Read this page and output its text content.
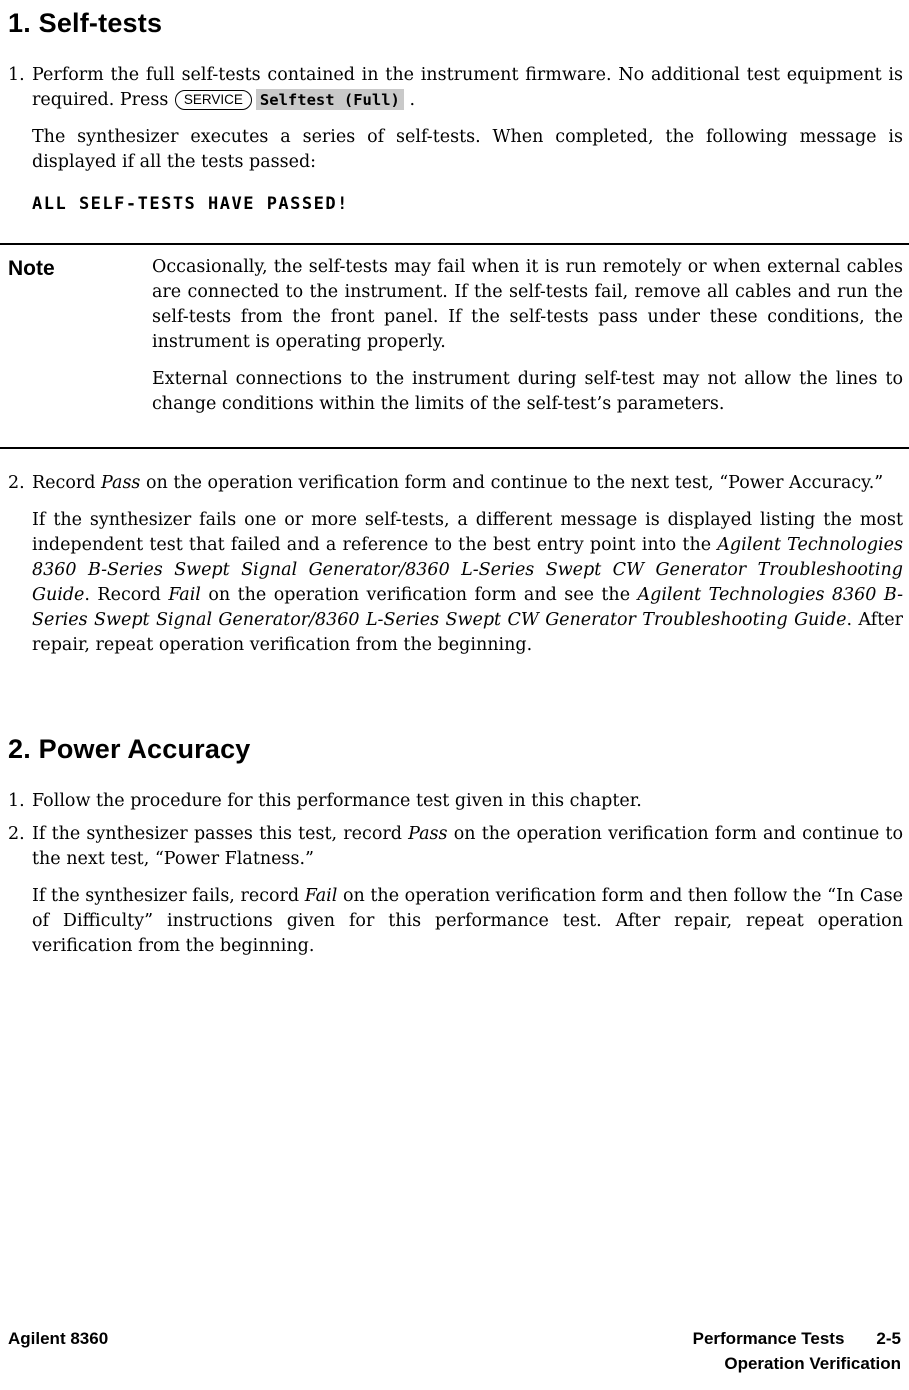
1. Self-tests
1. Perform the full self-tests contained in the instrument firmware. No additional test equipment is required. Press SERVICE Selftest (Full) .

The synthesizer executes a series of self-tests. When completed, the following message is displayed if all the tests passed:

ALL SELF-TESTS HAVE PASSED!

Note	Occasionally, the self-tests may fail when it is run remotely or when external cables are connected to the instrument. If the self-tests fail, remove all cables and run the self-tests from the front panel. If the self-tests pass under these conditions, the instrument is operating properly.

External connections to the instrument during self-test may not allow the lines to change conditions within the limits of the self-test’s parameters.

2. Record Pass on the operation verification form and continue to the next test, “Power Accuracy.”

If the synthesizer fails one or more self-tests, a different message is displayed listing the most independent test that failed and a reference to the best entry point into the Agilent Technologies 8360 B-Series Swept Signal Generator/8360 L-Series Swept CW Generator Troubleshooting Guide. Record Fail on the operation verification form and see the Agilent Technologies 8360 B-Series Swept Signal Generator/8360 L-Series Swept CW Generator Troubleshooting Guide. After repair, repeat operation verification from the beginning.

2. Power Accuracy
1. Follow the procedure for this performance test given in this chapter.

2. If the synthesizer passes this test, record Pass on the operation verification form and continue to the next test, “Power Flatness.”

If the synthesizer fails, record Fail on the operation verification form and then follow the “In Case of Difficulty” instructions given for this performance test. After repair, repeat operation verification from the beginning.

Agilent 8360	Performance Tests 2-5
Operation Verification
